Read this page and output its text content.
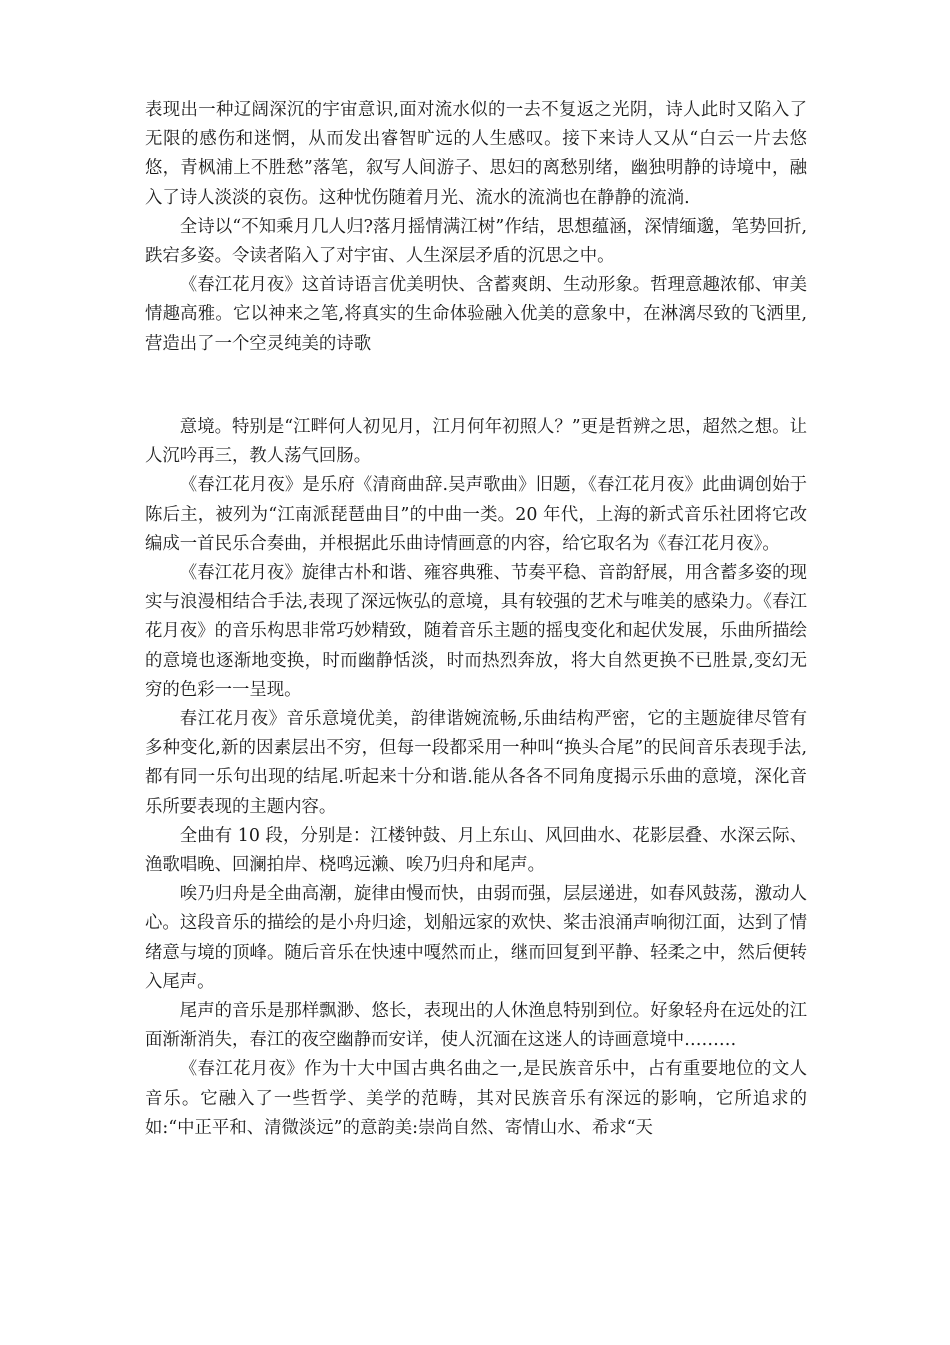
表现出一种辽阔深沉的宇宙意识,面对流水似的一去不复返之光阴，诗人此时又陷入了无限的感伤和迷惘，从而发出睿智旷远的人生感叹。接下来诗人又从“白云一片去悠悠，青枫浦上不胜愁”落笔，叙写人间游子、思妇的离愁别绪，幽独明静的诗境中，融入了诗人淡淡的哀伤。这种忧伤随着月光、流水的流淌也在静静的流淌.

全诗以“不知乘月几人归?落月摇情满江树”作结，思想蕴涵，深情缅邈，笔势回折,跌宕多姿。令读者陷入了对宇宙、人生深层矛盾的沉思之中。

《春江花月夜》这首诗语言优美明快、含蓄爽朗、生动形象。哲理意趣浓郁、审美情趣高雅。它以神来之笔,将真实的生命体验融入优美的意象中，在淋漓尽致的飞洒里,营造出了一个空灵纯美的诗歌

意境。特别是“江畔何人初见月，江月何年初照人？”更是哲辨之思，超然之想。让人沉吟再三，教人荡气回肠。

《春江花月夜》是乐府《清商曲辞.吴声歌曲》旧题，《春江花月夜》此曲调创始于陈后主，被列为“江南派琵琶曲目”的中曲一类。20 年代，上海的新式音乐社团将它改编成一首民乐合奏曲，并根据此乐曲诗情画意的内容，给它取名为《春江花月夜》。

《春江花月夜》旋律古朴和谐、雍容典雅、节奏平稳、音韵舒展，用含蓄多姿的现实与浪漫相结合手法,表现了深远恢弘的意境，具有较强的艺术与唯美的感染力。《春江花月夜》的音乐构思非常巧妙精致，随着音乐主题的摇曳变化和起伏发展，乐曲所描绘的意境也逐渐地变换，时而幽静恬淡，时而热烈奔放，将大自然更换不已胜景,变幻无穷的色彩一一呈现。

春江花月夜》音乐意境优美，韵律谐婉流畅,乐曲结构严密，它的主题旋律尽管有多种变化,新的因素层出不穷，但每一段都采用一种叫“换头合尾”的民间音乐表现手法,都有同一乐句出现的结尾.听起来十分和谐.能从各各不同角度揭示乐曲的意境，深化音乐所要表现的主题内容。

全曲有 10 段，分别是：江楼钟鼓、月上东山、风回曲水、花影层叠、水深云际、渔歌唱晚、回澜拍岸、桡鸣远濑、唉乃归舟和尾声。

唉乃归舟是全曲高潮，旋律由慢而快，由弱而强，层层递进，如春风鼓荡，激动人心。这段音乐的描绘的是小舟归途，划船远家的欢快、桨击浪涌声响彻江面，达到了情绪意与境的顶峰。随后音乐在快速中嘎然而止，继而回复到平静、轻柔之中，然后便转入尾声。

尾声的音乐是那样飘渺、悠长，表现出的人休渔息特别到位。好象轻舟在远处的江面渐渐消失，春江的夜空幽静而安详，使人沉湎在这迷人的诗画意境中………

《春江花月夜》作为十大中国古典名曲之一,是民族音乐中，占有重要地位的文人音乐。它融入了一些哲学、美学的范畴，其对民族音乐有深远的影响，它所追求的如:“中正平和、清微淡远”的意韵美:崇尚自然、寄情山水、希求“天
